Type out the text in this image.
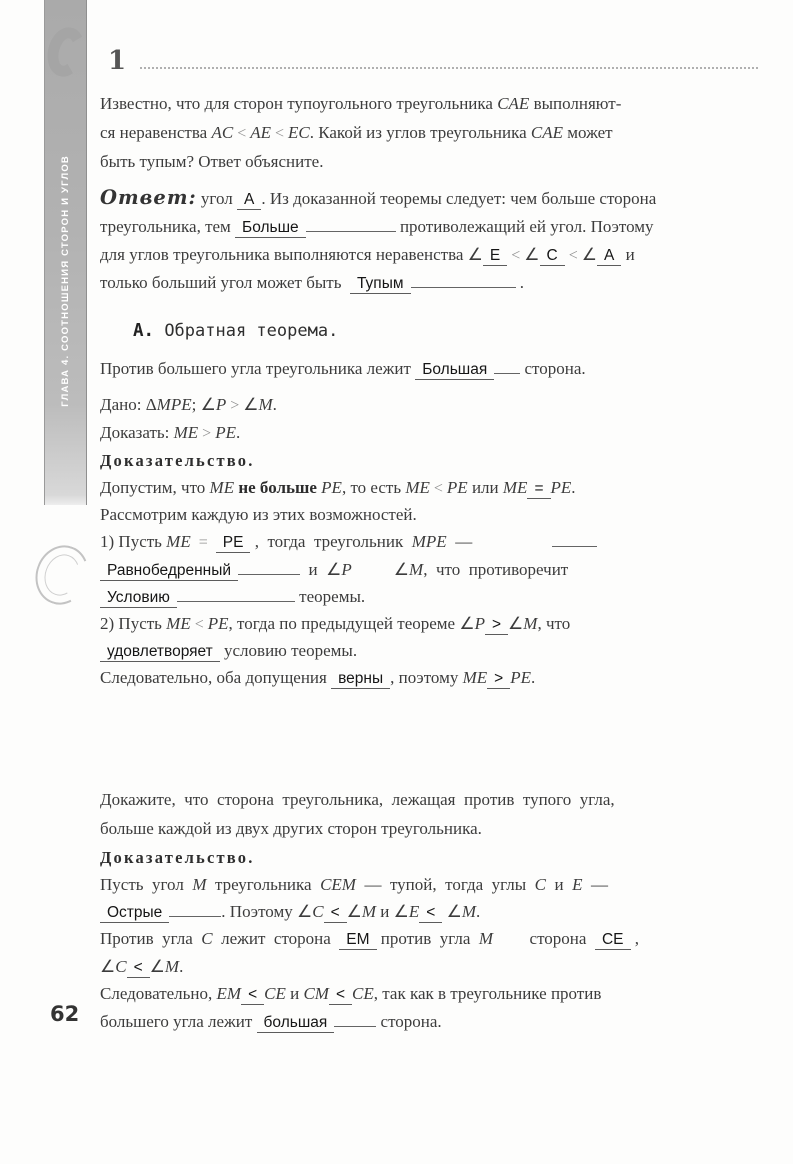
ГЛАВА 4. СООТНОШЕНИЯ СТОРОН И УГЛОВ
1
Известно, что для сторон тупоугольного треугольника CAE выполняют-
ся неравенства AC < AE < EC. Какой из углов треугольника CAE может
быть тупым? Ответ объясните.
Ответ: угол А . Из доказанной теоремы следует: чем больше сторона
треугольника, тем Больше	противолежащий ей угол. Поэтому
для углов треугольника выполняются неравенства ∠ Е < ∠ С < ∠ А и
только больший угол может быть  Тупым	.
А. Обратная теорема.
Против большего угла треугольника лежит Большая сторона.
Дано: ΔMPE; ∠P > ∠M.
Доказать: ME > PE.
Доказательство.
Допустим, что ME не больше PE, то есть ME < PE или ME = PE.
Рассмотрим каждую из этих возможностей.
1) Пусть ME  =  РЕ ,  тогда  треугольник  MPE  —
Равнобедренный	и  ∠P ∠M,  что  противоречит
Условию	теоремы.
2) Пусть ME < PE, тогда по предыдущей теореме ∠P > ∠M, что
удовлетворяет условию теоремы.
Следовательно, оба допущения верны , поэтому ME > PE.
Докажите,  что  сторона  треугольника,  лежащая  против  тупого  угла,
больше каждой из двух других сторон треугольника.
Доказательство.
Пусть  угол  M  треугольника  CEM  —  тупой,  тогда  углы  C  и  E  —
Острые	. Поэтому ∠C < ∠M и ∠E < ∠M.
Против  угла  C  лежит  сторона  ЕМ против  угла  M  сторона  СЕ ,
∠C < ∠M.
Следовательно, EM < CE и CM < CE, так как в треугольнике против
большего угла лежит большая	сторона.
62
